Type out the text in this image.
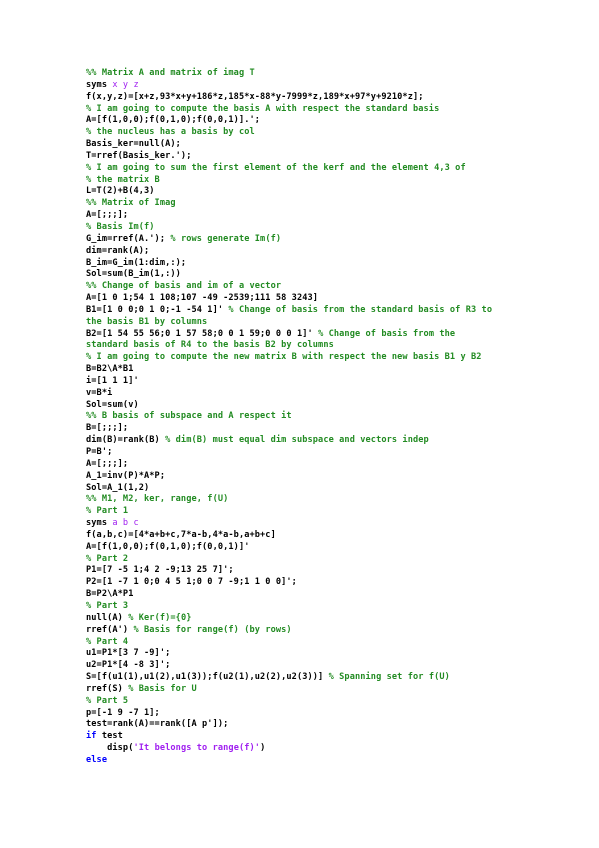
%% Matrix A and matrix of imag T
syms x y z
f(x,y,z)=[x+z,93*x+y+186*z,185*x-88*y-7999*z,189*x+97*y+9210*z];
% I am going to compute the basis A with respect the standard basis
A=[f(1,0,0);f(0,1,0);f(0,0,1)].';
% the nucleus has a basis by col
Basis_ker=null(A);
T=rref(Basis_ker.');
% I am going to sum the first element of the kerf and the element 4,3 of
% the matrix B
L=T(2)+B(4,3)
%% Matrix of Imag
A=[;;;];
% Basis Im(f)
G_im=rref(A.'); % rows generate Im(f)
dim=rank(A);
B_im=G_im(1:dim,:);
Sol=sum(B_im(1,:))
%% Change of basis and im of a vector
A=[1 0 1;54 1 108;107 -49 -2539;111 58 3243]
B1=[1 0 0;0 1 0;-1 -54 1]' % Change of basis from the standard basis of R3 to
the basis B1 by columns
B2=[1 54 55 56;0 1 57 58;0 0 1 59;0 0 0 1]' % Change of basis from the
standard basis of R4 to the basis B2 by columns
% I am going to compute the new matrix B with respect the new basis B1 y B2
B=B2\A*B1
i=[1 1 1]'
v=B*i
Sol=sum(v)
%% B basis of subspace and A respect it
B=[;;;];
dim(B)=rank(B) % dim(B) must equal dim subspace and vectors indep
P=B';
A=[;;;];
A_1=inv(P)*A*P;
Sol=A_1(1,2)
%% M1, M2, ker, range, f(U)
% Part 1
syms a b c
f(a,b,c)=[4*a+b+c,7*a-b,4*a-b,a+b+c]
A=[f(1,0,0);f(0,1,0);f(0,0,1)]'
% Part 2
P1=[7 -5 1;4 2 -9;13 25 7]';
P2=[1 -7 1 0;0 4 5 1;0 0 7 -9;1 1 0 0]';
B=P2\A*P1
% Part 3
null(A) % Ker(f)={0}
rref(A') % Basis for range(f) (by rows)
% Part 4
u1=P1*[3 7 -9]';
u2=P1*[4 -8 3]';
S=[f(u1(1),u1(2),u1(3));f(u2(1),u2(2),u2(3))] % Spanning set for f(U)
rref(S) % Basis for U
% Part 5
p=[-1 9 -7 1];
test=rank(A)==rank([A p']);
if test
disp('It belongs to range(f)')
else
